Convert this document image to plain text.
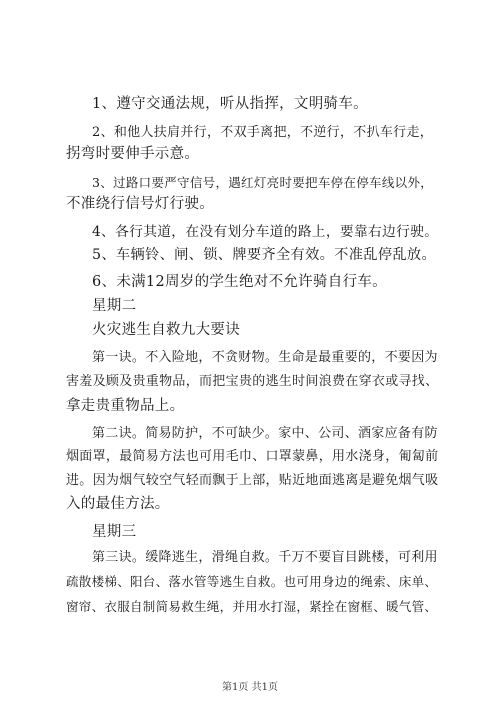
1、遵守交通法规，听从指挥，文明骑车。
2、和他人扶肩并行，不双手离把，不逆行，不扒车行走，
拐弯时要伸手示意。
3、过路口要严守信号，遇红灯亮时要把车停在停车线以外，
不准绕行信号灯行驶。
4、各行其道，在没有划分车道的路上，要靠右边行驶。
5、车辆铃、闸、锁、牌要齐全有效。不准乱停乱放。
6、未满12周岁的学生绝对不允许骑自行车。
星期二
火灾逃生自救九大要诀
第一诀。不入险地，不贪财物。生命是最重要的，不要因为
害羞及顾及贵重物品，而把宝贵的逃生时间浪费在穿衣或寻找、
拿走贵重物品上。
第二诀。简易防护，不可缺少。家中、公司、酒家应备有防
烟面罩，最简易方法也可用毛巾、口罩蒙鼻，用水浇身，匍匐前
进。因为烟气较空气轻而飘于上部，贴近地面逃离是避免烟气吸
入的最佳方法。
星期三
第三诀。缓降逃生，滑绳自救。千万不要盲目跳楼，可利用
疏散楼梯、阳台、落水管等逃生自救。也可用身边的绳索、床单、
窗帘、衣服自制简易救生绳，并用水打湿，紧拴在窗框、暖气管、
第1页 共1页
